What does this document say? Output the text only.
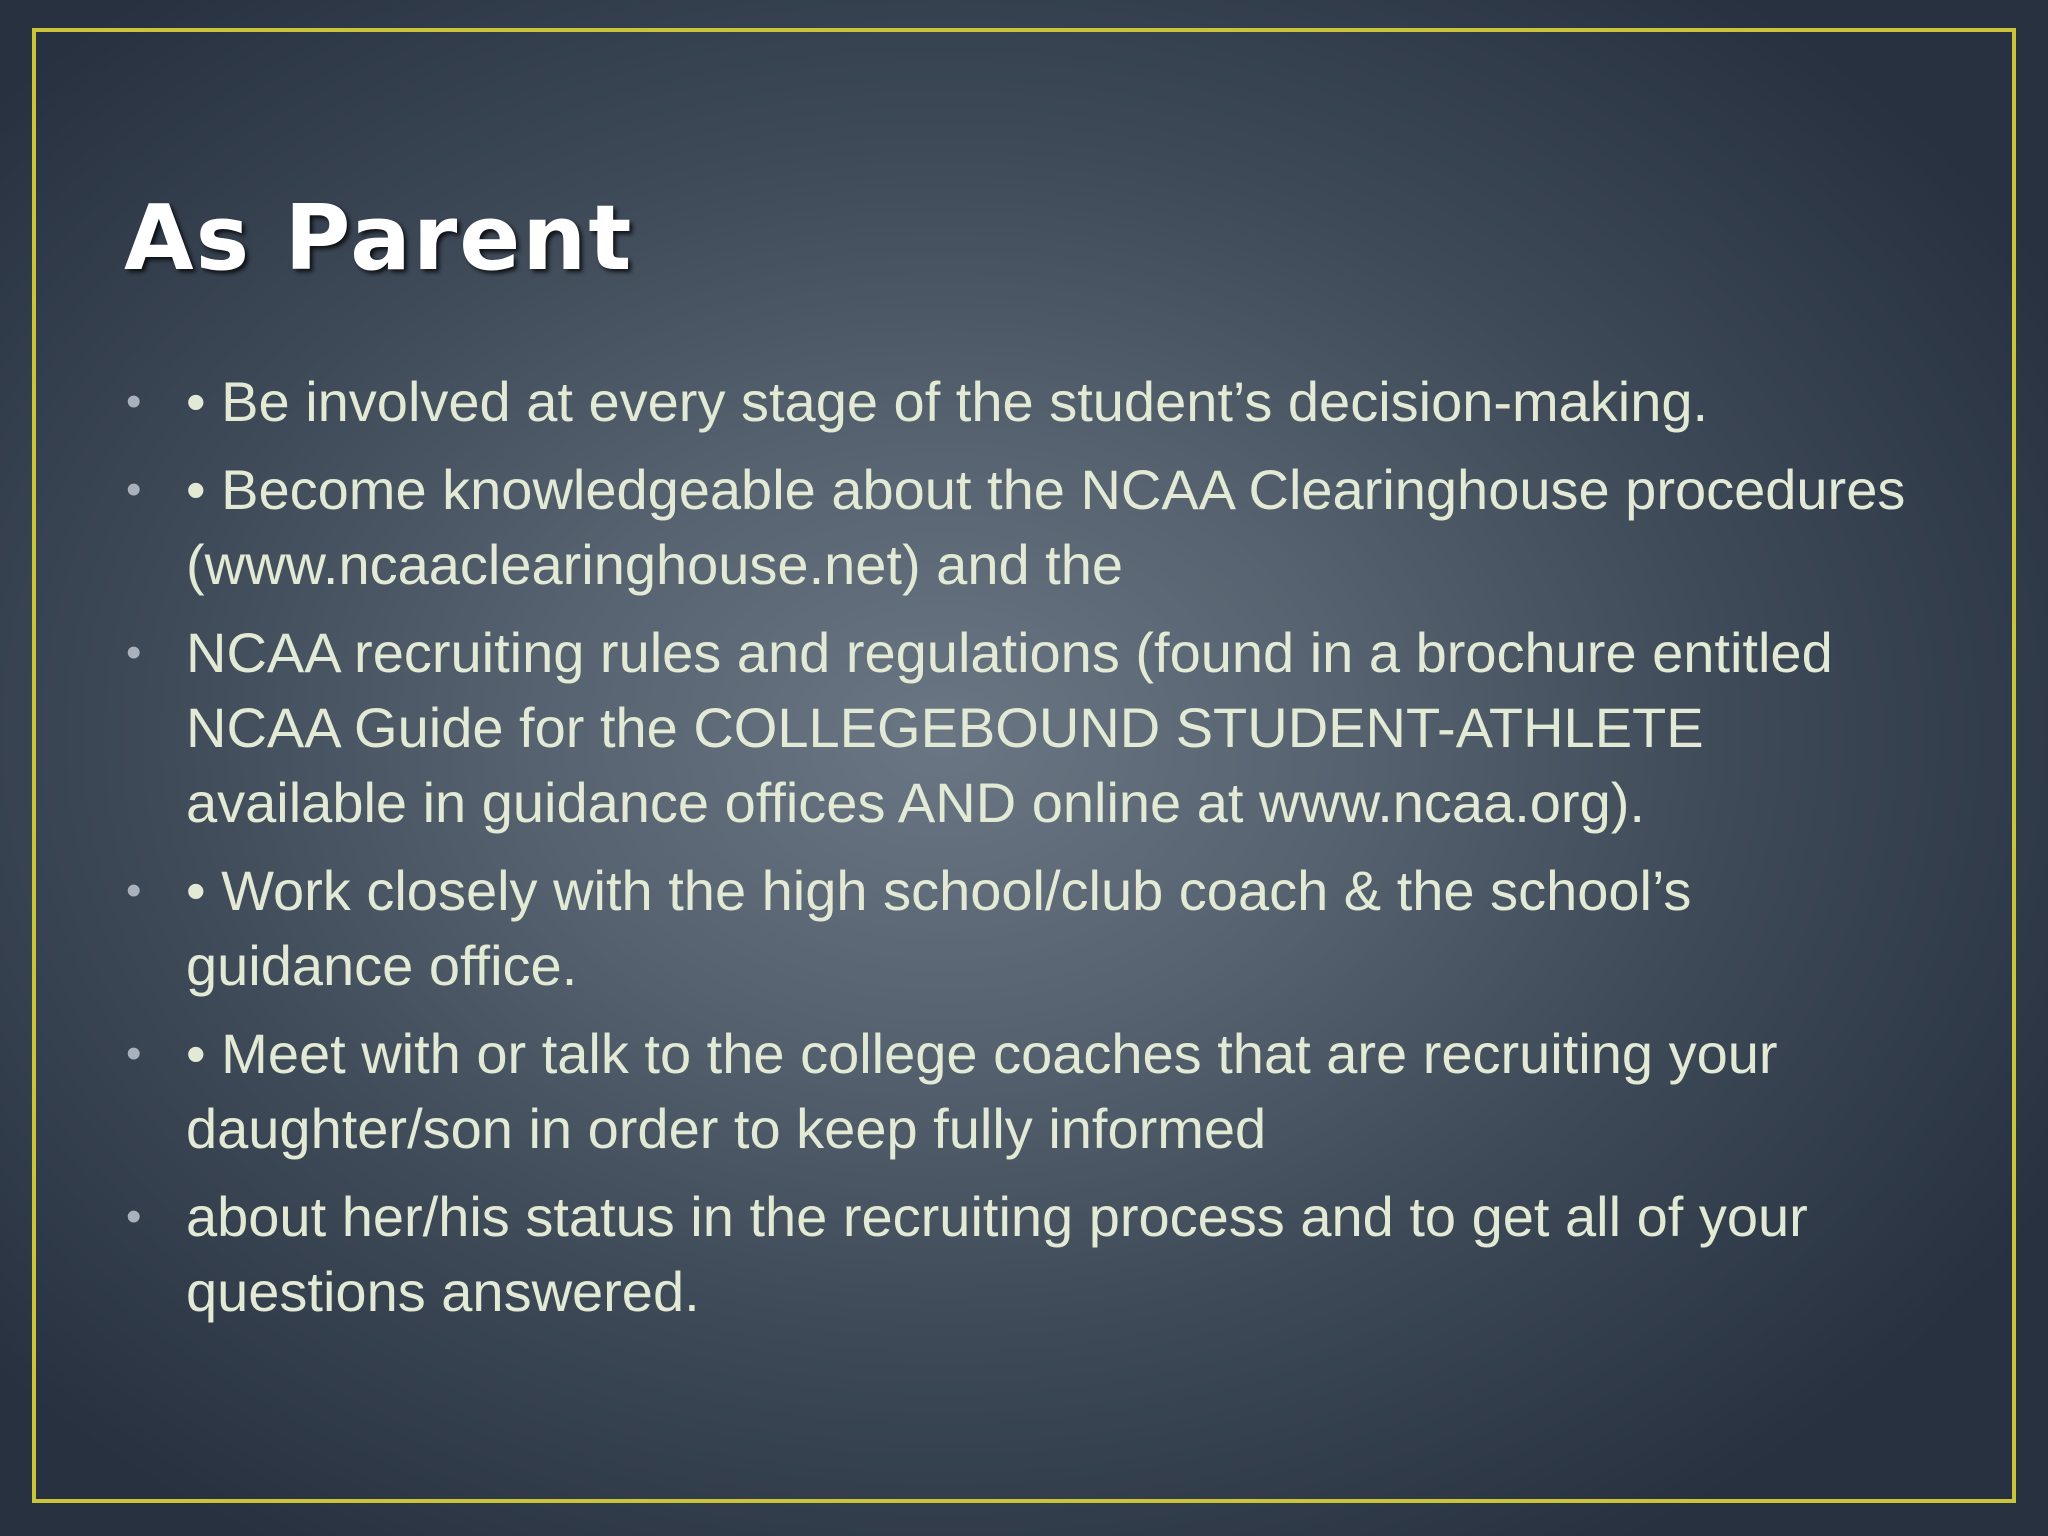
As Parent
• • Be involved at every stage of the student’s decision-making.
• • Become knowledgeable about the NCAA Clearinghouse procedures (www.ncaaclearinghouse.net) and the
• NCAA recruiting rules and regulations (found in a brochure entitled  NCAA Guide for the COLLEGEBOUND STUDENT-ATHLETE available in guidance offices AND online at www.ncaa.org).
• • Work closely with the high school/club coach & the school’s guidance office.
• • Meet with or talk to the college coaches that are recruiting your daughter/son in order to keep fully informed
• about her/his status in the recruiting process and to get all of your questions answered.
